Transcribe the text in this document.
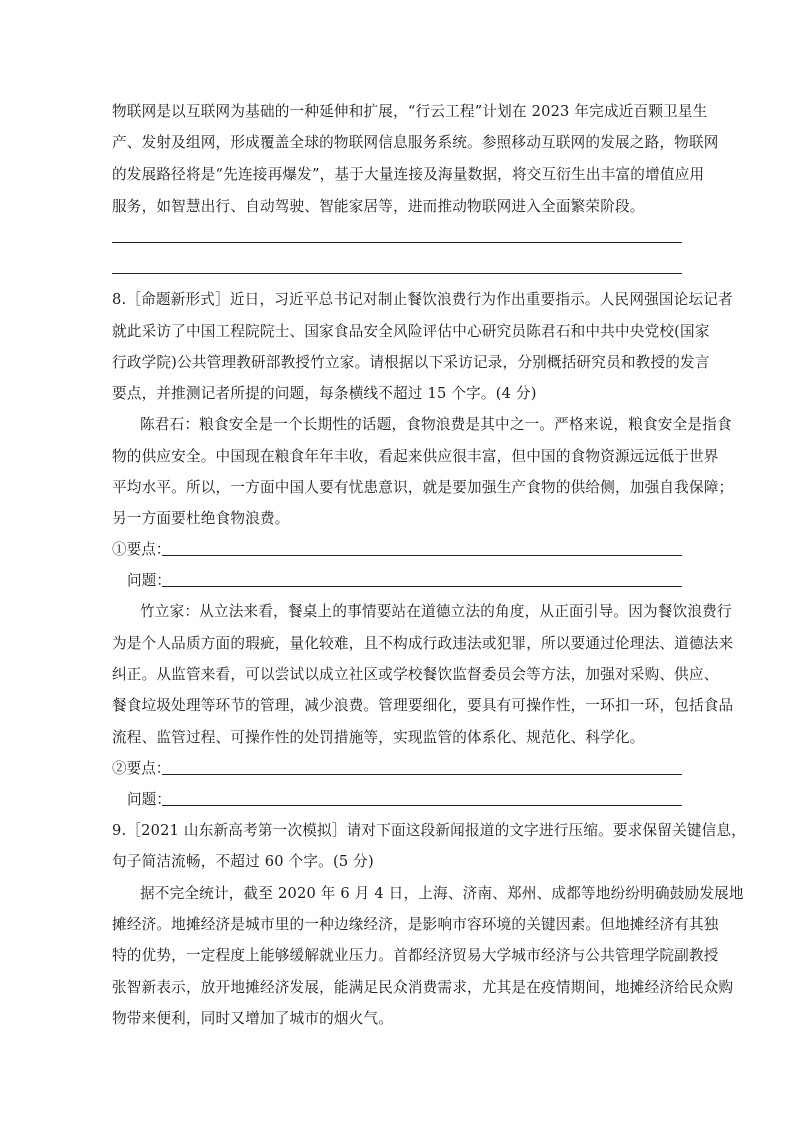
物联网是以互联网为基础的一种延伸和扩展，“行云工程”计划在 2023 年完成近百颗卫星生
产、发射及组网，形成覆盖全球的物联网信息服务系统。参照移动互联网的发展之路，物联网
的发展路径将是“先连接再爆发”，基于大量连接及海量数据，将交互衍生出丰富的增值应用
服务，如智慧出行、自动驾驶、智能家居等，进而推动物联网进入全面繁荣阶段。
8.［命题新形式］近日，习近平总书记对制止餐饮浪费行为作出重要指示。人民网强国论坛记者
就此采访了中国工程院院士、国家食品安全风险评估中心研究员陈君石和中共中央党校(国家
行政学院)公共管理教研部教授竹立家。请根据以下采访记录，分别概括研究员和教授的发言
要点，并推测记者所提的问题，每条横线不超过 15 个字。(4 分)
陈君石：粮食安全是一个长期性的话题，食物浪费是其中之一。严格来说，粮食安全是指食
物的供应安全。中国现在粮食年年丰收，看起来供应很丰富，但中国的食物资源远远低于世界
平均水平。所以，一方面中国人要有忧患意识，就是要加强生产食物的供给侧，加强自我保障；
另一方面要杜绝食物浪费。
①要点：
问题：
竹立家：从立法来看，餐桌上的事情要站在道德立法的角度，从正面引导。因为餐饮浪费行
为是个人品质方面的瑕疵，量化较难，且不构成行政违法或犯罪，所以要通过伦理法、道德法来
纠正。从监管来看，可以尝试以成立社区或学校餐饮监督委员会等方法，加强对采购、供应、
餐食垃圾处理等环节的管理，减少浪费。管理要细化，要具有可操作性，一环扣一环，包括食品
流程、监管过程、可操作性的处罚措施等，实现监管的体系化、规范化、科学化。
②要点：
问题：
9.［2021 山东新高考第一次模拟］请对下面这段新闻报道的文字进行压缩。要求保留关键信息，
句子简洁流畅，不超过 60 个字。(5 分)
据不完全统计，截至 2020 年 6 月 4 日，上海、济南、郑州、成都等地纷纷明确鼓励发展地
摊经济。地摊经济是城市里的一种边缘经济，是影响市容环境的关键因素。但地摊经济有其独
特的优势，一定程度上能够缓解就业压力。首都经济贸易大学城市经济与公共管理学院副教授
张智新表示，放开地摊经济发展，能满足民众消费需求，尤其是在疫情期间，地摊经济给民众购
物带来便利，同时又增加了城市的烟火气。
